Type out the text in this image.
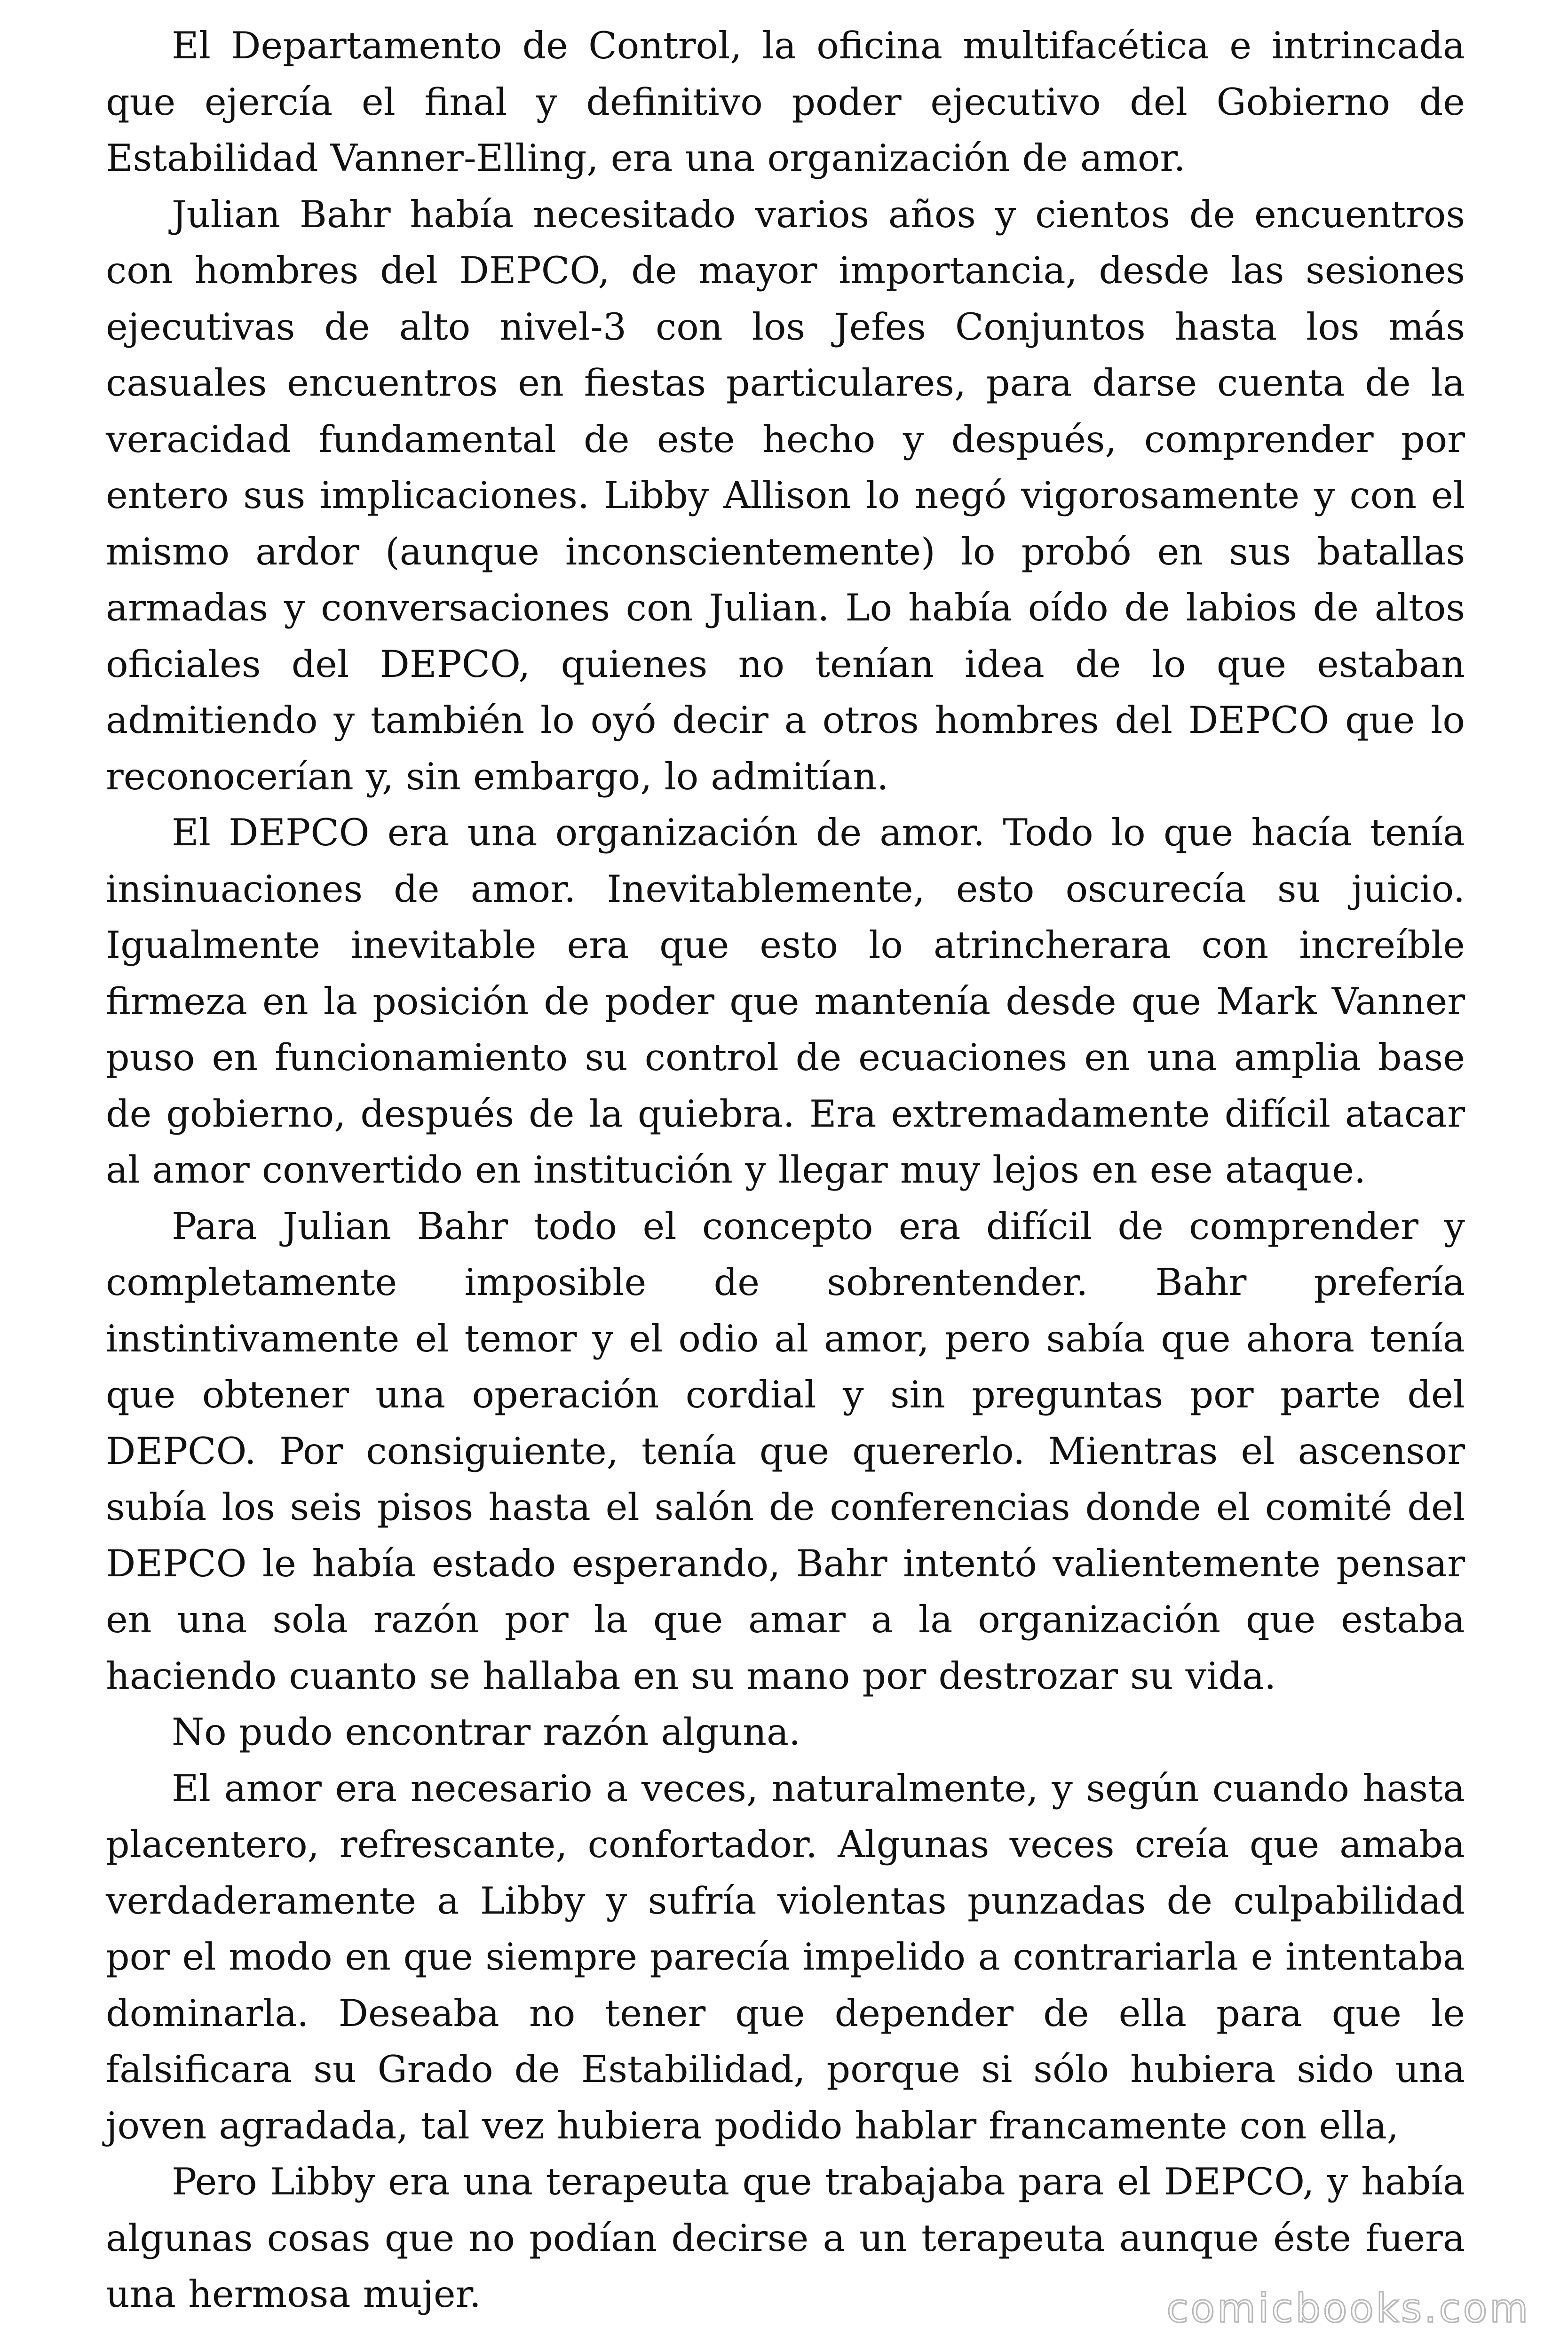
El Departamento de Control, la oficina multifacética e intrincada que ejercía el final y definitivo poder ejecutivo del Gobierno de Estabilidad Vanner-Elling, era una organización de amor.

Julian Bahr había necesitado varios años y cientos de encuentros con hombres del DEPCO, de mayor importancia, desde las sesiones ejecutivas de alto nivel-3 con los Jefes Conjuntos hasta los más casuales encuentros en fiestas particulares, para darse cuenta de la veracidad fundamental de este hecho y después, comprender por entero sus implicaciones. Libby Allison lo negó vigorosamente y con el mismo ardor (aunque inconscientemente) lo probó en sus batallas armadas y conversaciones con Julian. Lo había oído de labios de altos oficiales del DEPCO, quienes no tenían idea de lo que estaban admitiendo y también lo oyó decir a otros hombres del DEPCO que lo reconocerían y, sin embargo, lo admitían.

El DEPCO era una organización de amor. Todo lo que hacía tenía insinuaciones de amor. Inevitablemente, esto oscurecía su juicio. Igualmente inevitable era que esto lo atrincherara con increíble firmeza en la posición de poder que mantenía desde que Mark Vanner puso en funcionamiento su control de ecuaciones en una amplia base de gobierno, después de la quiebra. Era extremadamente difícil atacar al amor convertido en institución y llegar muy lejos en ese ataque.

Para Julian Bahr todo el concepto era difícil de comprender y completamente imposible de sobrentender. Bahr prefería instintivamente el temor y el odio al amor, pero sabía que ahora tenía que obtener una operación cordial y sin preguntas por parte del DEPCO. Por consiguiente, tenía que quererlo. Mientras el ascensor subía los seis pisos hasta el salón de conferencias donde el comité del DEPCO le había estado esperando, Bahr intentó valientemente pensar en una sola razón por la que amar a la organización que estaba haciendo cuanto se hallaba en su mano por destrozar su vida.

No pudo encontrar razón alguna.

El amor era necesario a veces, naturalmente, y según cuando hasta placentero, refrescante, confortador. Algunas veces creía que amaba verdaderamente a Libby y sufría violentas punzadas de culpabilidad por el modo en que siempre parecía impelido a contrariarla e intentaba dominarla. Deseaba no tener que depender de ella para que le falsificara su Grado de Estabilidad, porque si sólo hubiera sido una joven agradada, tal vez hubiera podido hablar francamente con ella,

Pero Libby era una terapeuta que trabajaba para el DEPCO, y había algunas cosas que no podían decirse a un terapeuta aunque éste fuera una hermosa mujer.	comicbooks.com
